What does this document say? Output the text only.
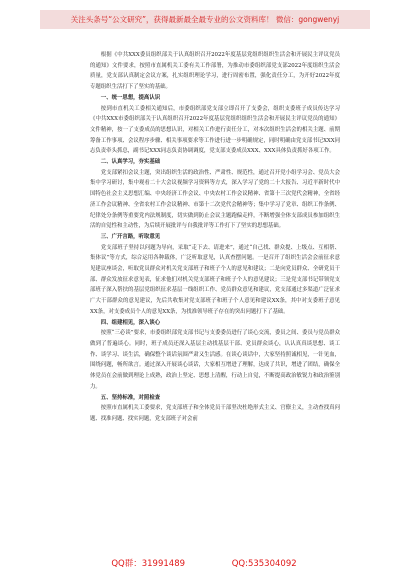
关注头条号“公文研究”，获得最新最全最专业的公文资料库！ 微信：gongwenyj

根据《中共XXX委员组织部关于认真组织召开2022年度基层党组织组织生活会和开展民主评议党员的通知》文件要求，按照市直属机关工委有关工作部署，为推动市委组织部党支部2022年度组织生活会质量，党支部认真制定会议方案，扎实组织理论学习，进行周密布置，强化责任分工，为开好2022年度专题组织生活打下了坚实的基础。

一、统一思想，提高认识

按到市直机关工委相关通知后，市委组织部党支部立即召开了支委会，组织支委班子成员传达学习《中共XXX市委组织部关于认真组织召开2022年度基层党组织组织生活会和开展民主评议党员的通知》文件精神，按一了支委成员的思想认识，对相关工作进行责任分工，对本次组织生活会的相关主题、前期筹备工作事项、会议程序步骤、相关事项要求等工作进行进一步明确规定，同时明确由党支部书记XXX同志负责牵头抓总，副书记XXX同志负责协调调度，党支部支委成员XXX、XXX具体负责抓好各项工作。

二、认真学习，夯实基础

党支部紧扣会议主题，突出组织生活的政治性、严肃性、规范性，通过召开党小组学习会、党员大会集中学习研讨，集中观看二十大会议视频学习资料等方式，深入学习了党的二十大报告、习近平新时代中国特色社会主义思想汇编、中央经济工作会议、中央农村工作会议精神、省第十三次党代会精神，全省经济工作会议精神、全省农村工作会议精神、市第十二次党代会精神等；集中学习了党章、组织工作条例、纪律处分条例等重要党内法规制度，切实做到防止会议主题跑偏走样，不断增强全体支部成员参加组织生活的自觉性和主动性，为后续开展批评与自我批评等工作打下了坚实的思想基础。

三、广开言路，听取意见

党支部班子坚持以问题为导向，采取“走下去、请进来”，通过“自己找、群众提、上级点、互相帮、集体议”等方式，综合运用各种载体，广泛听取意见，认真查摆问题。一是召开了组织生活会会前征求意见建议座谈会，听取党员群众对机关党支部班子和班子个人的意见和建议；二是向党员群众、全研党员干部、群众发放征求意见表，征求他们对机关党支部班子和班子个人的意见建议；三是党支部书记带领党支部班子深入帮扶的基层党组织征求基层一线组织工作、党员群众意见和建议，党支部通过多渠道广泛征求广大干部群众的意见建议，先后共收集对党支部班子和班子个人意见和建议XX条，其中对支委班子意见XX条，对支委成员个人的意见XX条，为找准领导班子存在的突出问题打下了基础。

四、组建相见，深入谈心

按照“三必谈”要求，市委组织部党支部书记与支委委员进行了谈心交流，委员之间、委员与党员群众做到了普遍谈心。同时，班子成员还深入基层主动找基层干部、党员群众谈心，认认真真谈思想、谈工作、谈学习、谈生活，确保整个谈话氛围严肃又生活感。在谈心谈话中，大家坚持照诚相见，一针见血，围绕问题，畅所欲言。通过深入开展谈心谈话，大家相互增进了理解，达成了共识，增进了团结，确保全体党员在会前做到理论上成熟，政治上坚定、思想上清醒，行动上自觉，不断提高政治敏锐力和政治鉴别力。

五、坚持标准，对照检查

按照市直属机关工委要求，党支部班子和全体党员干部坚决杜绝形式主义、官僚主义，主动查找真问题、找准问题、找实问题，党支部班子对会前

QQ群：31991489	QQ:535304092
